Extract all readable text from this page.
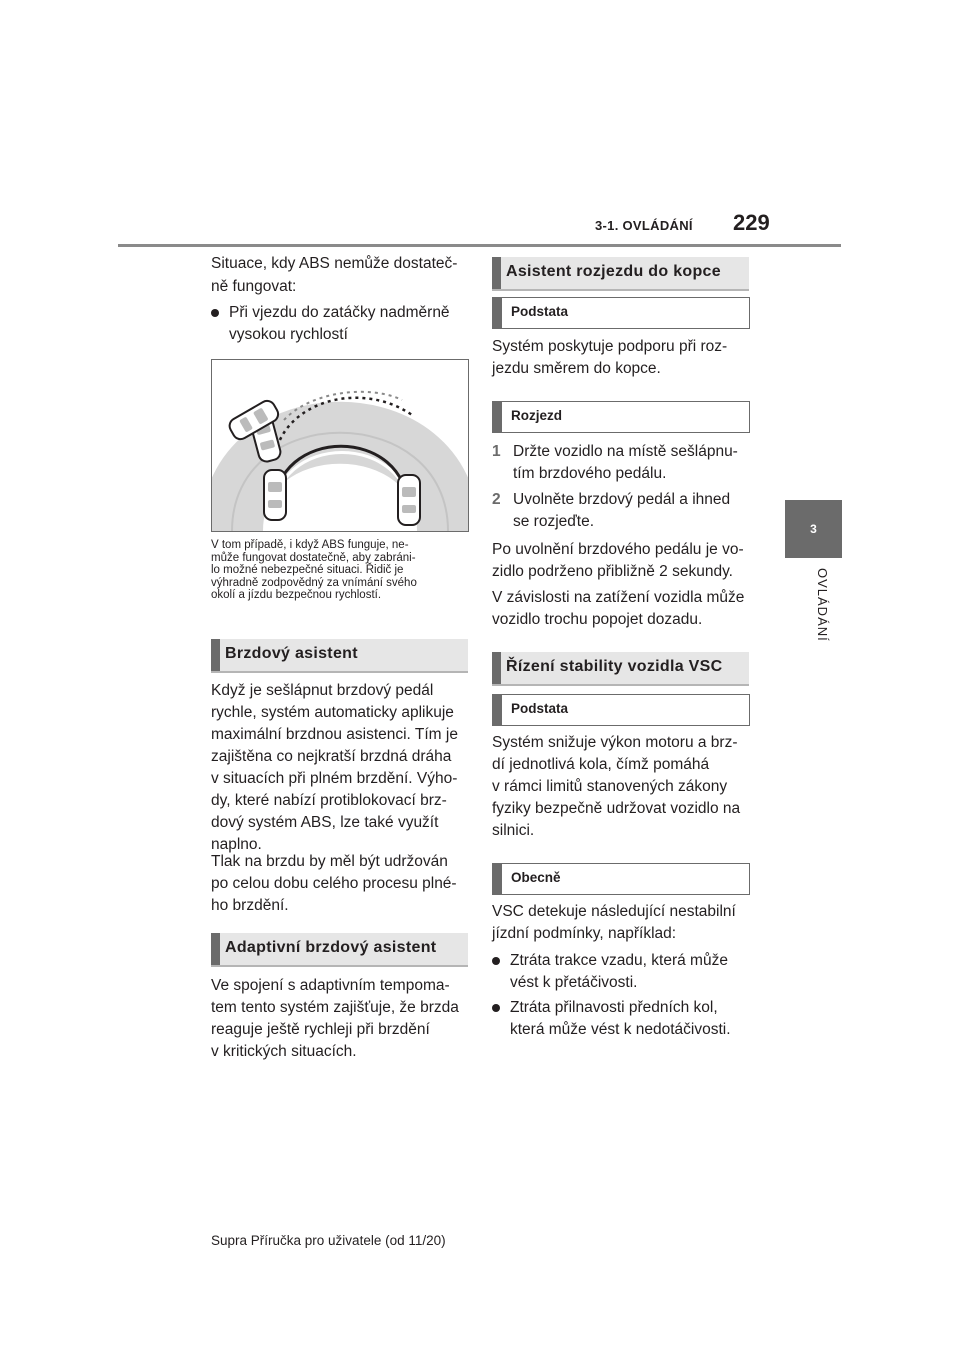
3-1. OVLÁDÁNÍ 229
3
OVLÁDÁNÍ
Situace, kdy ABS nemůže dostateč-
ně fungovat:
Při vjezdu do zatáčky nadměrně
vysokou rychlostí
V tom případě, i když ABS funguje, ne-
může fungovat dostatečně, aby zabráni-
lo možné nebezpečné situaci. Řidič je
výhradně zodpovědný za vnímání svého
okolí a jízdu bezpečnou rychlostí.
Brzdový asistent
Když je sešlápnut brzdový pedál
rychle, systém automaticky aplikuje
maximální brzdnou asistenci. Tím je
zajištěna co nejkratší brzdná dráha
v situacích při plném brzdění. Výho-
dy, které nabízí protiblokovací brz-
dový systém ABS, lze také využít
naplno.
Tlak na brzdu by měl být udržován
po celou dobu celého procesu plné-
ho brzdění.
Adaptivní brzdový asistent
Ve spojení s adaptivním tempoma-
tem tento systém zajišťuje, že brzda
reaguje ještě rychleji při brzdění
v kritických situacích.
Asistent rozjezdu do kopce
Podstata
Systém poskytuje podporu při roz-
jezdu směrem do kopce.
Rozjezd
1 Držte vozidlo na místě sešlápnu-
tím brzdového pedálu.
2 Uvolněte brzdový pedál a ihned
se rozjeďte.
Po uvolnění brzdového pedálu je vo-
zidlo podrženo přibližně 2 sekundy.
V závislosti na zatížení vozidla může
vozidlo trochu popojet dozadu.
Řízení stability vozidla VSC
Podstata
Systém snižuje výkon motoru a brz-
dí jednotlivá kola, čímž pomáhá
v rámci limitů stanovených zákony
fyziky bezpečně udržovat vozidlo na
silnici.
Obecně
VSC detekuje následující nestabilní
jízdní podmínky, například:
Ztráta trakce vzadu, která může
vést k přetáčivosti.
Ztráta přilnavosti předních kol,
která může vést k nedotáčivosti.
Supra Příručka pro uživatele (od 11/20)
